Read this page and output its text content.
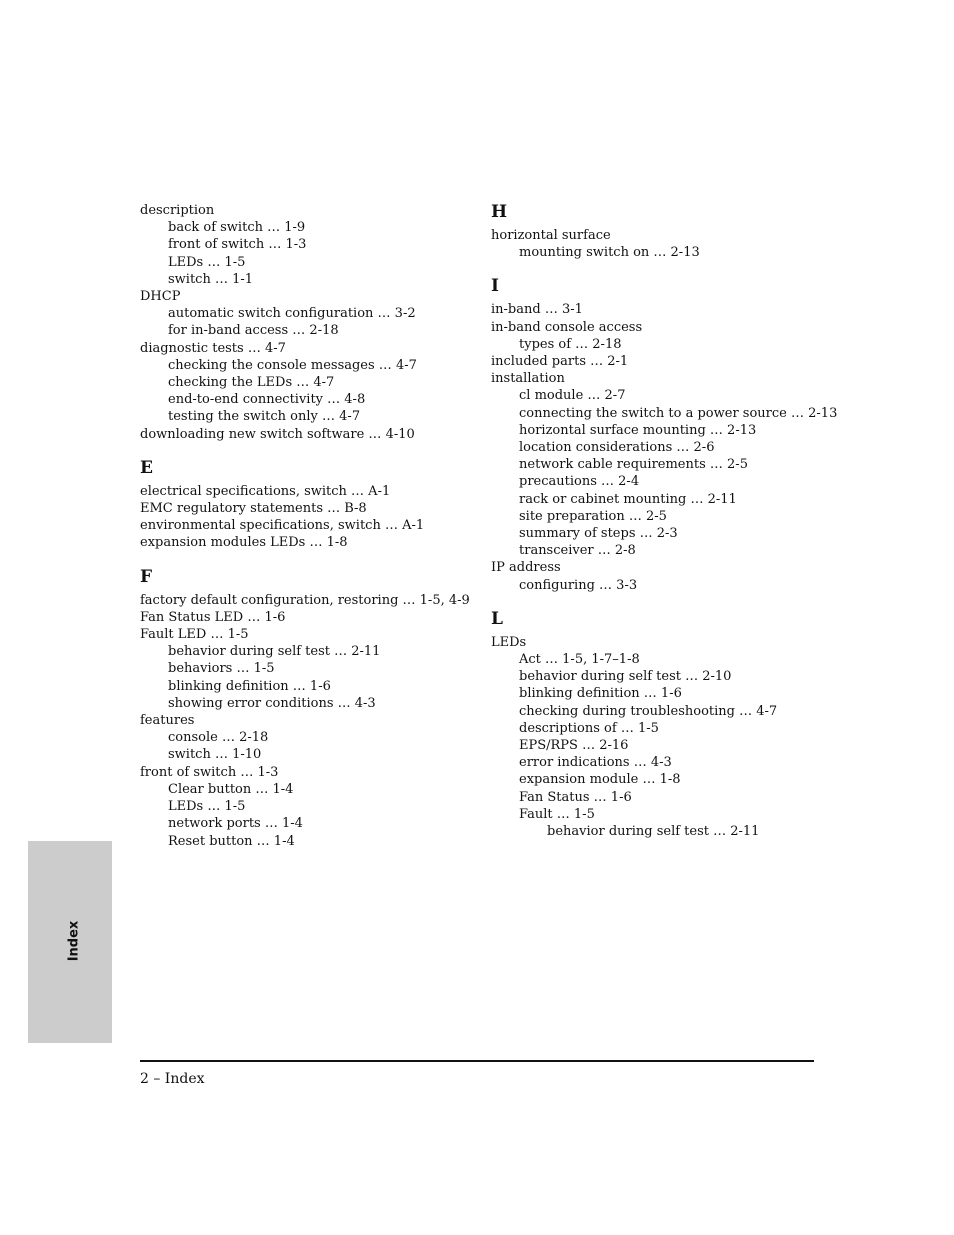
description
back of switch … 1-9
front of switch … 1-3
LEDs … 1-5
switch … 1-1
DHCP
automatic switch configuration … 3-2
for in-band access … 2-18
diagnostic tests … 4-7
checking the console messages … 4-7
checking the LEDs … 4-7
end-to-end connectivity … 4-8
testing the switch only … 4-7
downloading new switch software … 4-10
E
electrical specifications, switch … A-1
EMC regulatory statements … B-8
environmental specifications, switch … A-1
expansion modules LEDs … 1-8
F
factory default configuration, restoring … 1-5, 4-9
Fan Status LED … 1-6
Fault LED … 1-5
behavior during self test … 2-11
behaviors … 1-5
blinking definition … 1-6
showing error conditions … 4-3
features
console … 2-18
switch … 1-10
front of switch … 1-3
Clear button … 1-4
LEDs … 1-5
network ports … 1-4
Reset button … 1-4
H
horizontal surface
mounting switch on … 2-13
I
in-band … 3-1
in-band console access
types of … 2-18
included parts … 2-1
installation
cl module … 2-7
connecting the switch to a power source … 2-13
horizontal surface mounting … 2-13
location considerations … 2-6
network cable requirements … 2-5
precautions … 2-4
rack or cabinet mounting … 2-11
site preparation … 2-5
summary of steps … 2-3
transceiver … 2-8
IP address
configuring … 3-3
L
LEDs
Act … 1-5, 1-7–1-8
behavior during self test … 2-10
blinking definition … 1-6
checking during troubleshooting … 4-7
descriptions of … 1-5
EPS/RPS … 2-16
error indications … 4-3
expansion module … 1-8
Fan Status … 1-6
Fault … 1-5
behavior during self test … 2-11
Index
2 – Index
